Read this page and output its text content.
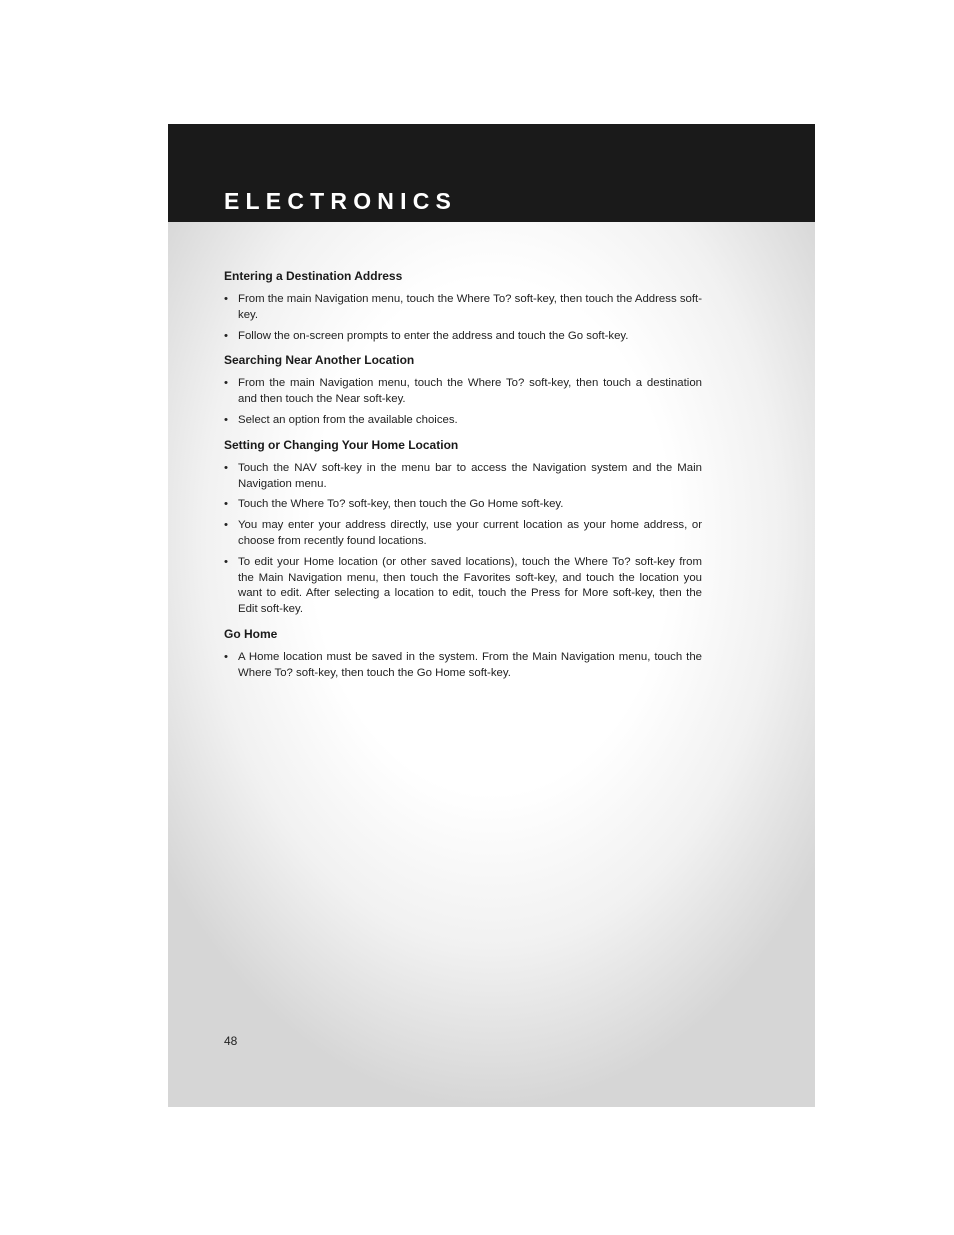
ELECTRONICS
Entering a Destination Address
• From the main Navigation menu, touch the Where To? soft-key, then touch the Address soft-key.
• Follow the on-screen prompts to enter the address and touch the Go soft-key.
Searching Near Another Location
• From the main Navigation menu, touch the Where To? soft-key, then touch a destination and then touch the Near soft-key.
• Select an option from the available choices.
Setting or Changing Your Home Location
• Touch the NAV soft-key in the menu bar to access the Navigation system and the Main Navigation menu.
• Touch the Where To? soft-key, then touch the Go Home soft-key.
• You may enter your address directly, use your current location as your home address, or choose from recently found locations.
• To edit your Home location (or other saved locations), touch the Where To? soft-key from the Main Navigation menu, then touch the Favorites soft-key, and touch the location you want to edit. After selecting a location to edit, touch the Press for More soft-key, then the Edit soft-key.
Go Home
• A Home location must be saved in the system. From the Main Navigation menu, touch the Where To? soft-key, then touch the Go Home soft-key.

48
